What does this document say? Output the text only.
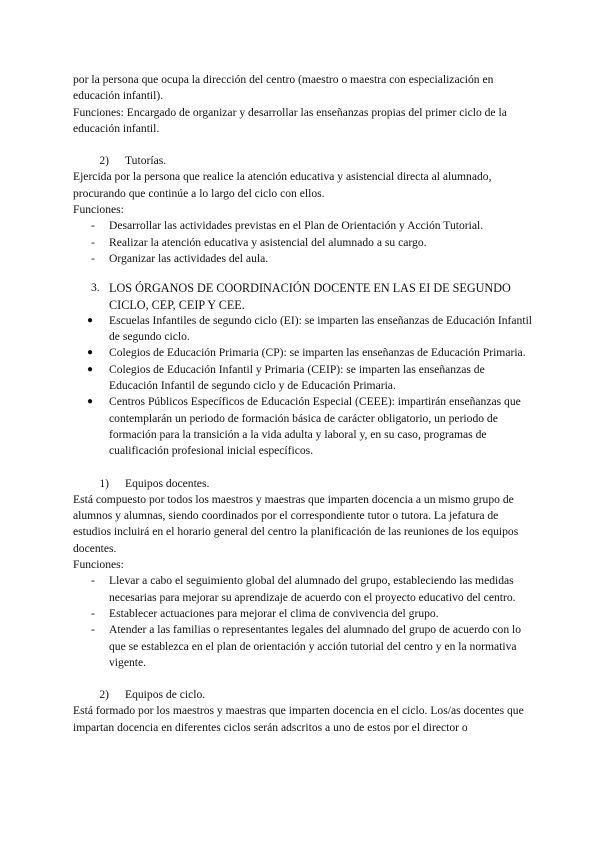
por la persona que ocupa la dirección del centro (maestro o maestra con especialización en educación infantil).

Funciones: Encargado de organizar y desarrollar las enseñanzas propias del primer ciclo de la educación infantil.

2) Tutorías.

Ejercida por la persona que realice la atención educativa y asistencial directa al alumnado, procurando que continúe a lo largo del ciclo con ellos.

Funciones:

-	Desarrollar las actividades previstas en el Plan de Orientación y Acción Tutorial.
-	Realizar la atención educativa y asistencial del alumnado a su cargo.
-	Organizar las actividades del aula.
3. LOS ÓRGANOS DE COORDINACIÓN DOCENTE EN LAS EI DE SEGUNDO CICLO, CEP, CEIP Y CEE.
●	Escuelas Infantiles de segundo ciclo (EI): se imparten las enseñanzas de Educación Infantil de segundo ciclo.
●	Colegios de Educación Primaria (CP): se imparten las enseñanzas de Educación Primaria.
●	Colegios de Educación Infantil y Primaria (CEIP): se imparten las enseñanzas de Educación Infantil de segundo ciclo y de Educación Primaria.
●	Centros Públicos Específicos de Educación Especial (CEEE): impartirán enseñanzas que contemplarán un periodo de formación básica de carácter obligatorio, un periodo de formación para la transición a la vida adulta y laboral y, en su caso, programas de cualificación profesional inicial específicos.
1) Equipos docentes.

Está compuesto por todos los maestros y maestras que imparten docencia a un mismo grupo de alumnos y alumnas, siendo coordinados por el correspondiente tutor o tutora. La jefatura de estudios incluirá en el horario general del centro la planificación de las reuniones de los equipos docentes.

Funciones:

-	Llevar a cabo el seguimiento global del alumnado del grupo, estableciendo las medidas necesarias para mejorar su aprendizaje de acuerdo con el proyecto educativo del centro.
-	Establecer actuaciones para mejorar el clima de convivencia del grupo.
-	Atender a las familias o representantes legales del alumnado del grupo de acuerdo con lo que se establezca en el plan de orientación y acción tutorial del centro y en la normativa vigente.
2) Equipos de ciclo.

Está formado por los maestros y maestras que imparten docencia en el ciclo. Los/as docentes que impartan docencia en diferentes ciclos serán adscritos a uno de estos por el director o
